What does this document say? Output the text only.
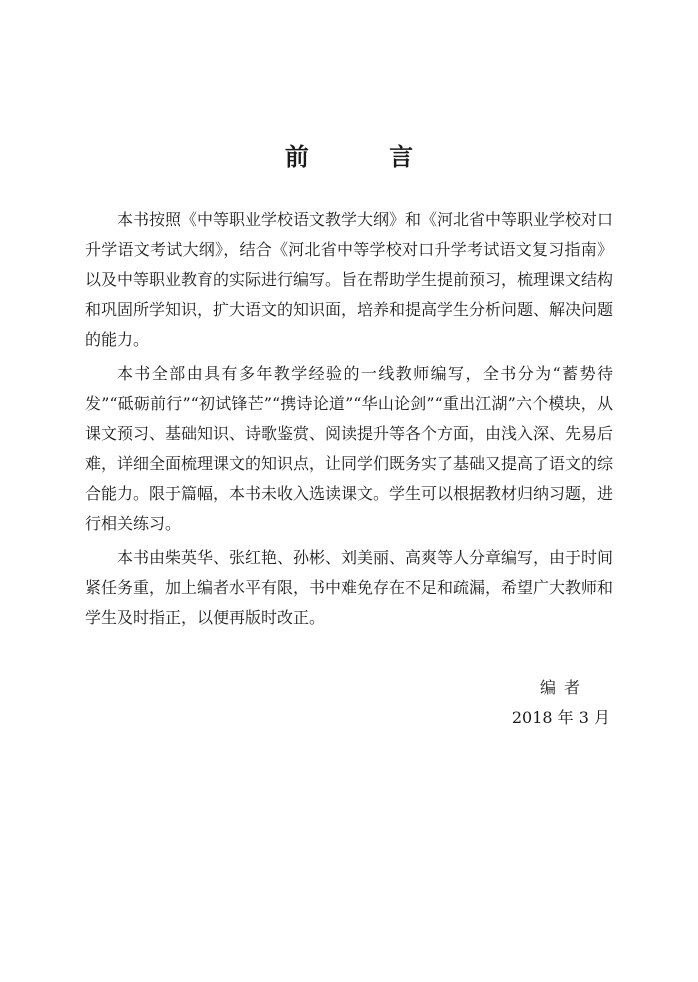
前 言

本书按照《中等职业学校语文教学大纲》和《河北省中等职业学校对口升学语文考试大纲》，结合《河北省中等学校对口升学考试语文复习指南》以及中等职业教育的实际进行编写。旨在帮助学生提前预习，梳理课文结构和巩固所学知识，扩大语文的知识面，培养和提高学生分析问题、解决问题的能力。

本书全部由具有多年教学经验的一线教师编写，全书分为“蓄势待发”“砥砺前行”“初试锋芒”“携诗论道”“华山论剑”“重出江湖”六个模块，从课文预习、基础知识、诗歌鉴赏、阅读提升等各个方面，由浅入深、先易后难，详细全面梳理课文的知识点，让同学们既务实了基础又提高了语文的综合能力。限于篇幅，本书未收入选读课文。学生可以根据教材归纳习题，进行相关练习。

本书由柴英华、张红艳、孙彬、刘美丽、高爽等人分章编写，由于时间紧任务重，加上编者水平有限，书中难免存在不足和疏漏，希望广大教师和学生及时指正，以便再版时改正。

编者
2018 年 3 月
